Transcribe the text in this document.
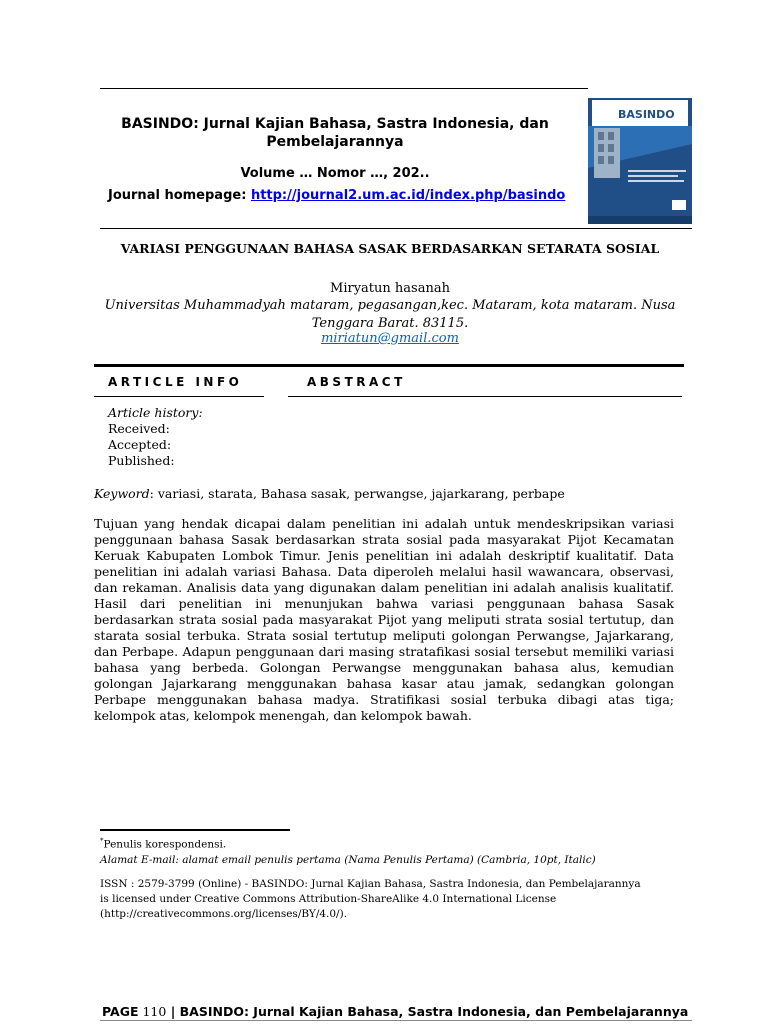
BASINDO: Jurnal Kajian Bahasa, Sastra Indonesia, dan
Pembelajarannya
Volume … Nomor …, 202..
Journal homepage: http://journal2.um.ac.id/index.php/basindo
BASINDO
VARIASI PENGGUNAAN BAHASA SASAK BERDASARKAN SETARATA SOSIAL
Miryatun hasanah
Universitas Muhammadyah mataram, pegasangan,kec. Mataram, kota mataram. Nusa
Tenggara Barat. 83115.
miriatun@gmail.com
ARTICLE INFO	ABSTRACT
Article history:
Received:
Accepted:
Published:
Keyword: variasi, starata, Bahasa sasak, perwangse, jajarkarang, perbape
Tujuan yang hendak dicapai dalam penelitian ini adalah untuk mendeskripsikan variasi penggunaan bahasa Sasak berdasarkan strata sosial pada masyarakat Pijot Kecamatan Keruak Kabupaten Lombok Timur. Jenis penelitian ini adalah deskriptif kualitatif. Data penelitian ini adalah variasi Bahasa. Data diperoleh melalui hasil wawancara, observasi, dan rekaman. Analisis data yang digunakan dalam penelitian ini adalah analisis kualitatif. Hasil dari penelitian ini menunjukan bahwa variasi penggunaan bahasa Sasak berdasarkan strata sosial pada masyarakat Pijot yang meliputi strata sosial tertutup, dan starata sosial terbuka. Strata sosial tertutup meliputi golongan Perwangse, Jajarkarang, dan Perbape. Adapun penggunaan dari masing stratafikasi sosial tersebut memiliki variasi bahasa yang berbeda. Golongan Perwangse menggunakan bahasa alus, kemudian golongan Jajarkarang menggunakan bahasa kasar atau jamak, sedangkan golongan Perbape menggunakan bahasa madya. Stratifikasi sosial terbuka dibagi atas tiga; kelompok atas, kelompok menengah, dan kelompok bawah.
*Penulis korespondensi.
Alamat E-mail: alamat email penulis pertama (Nama Penulis Pertama) (Cambria, 10pt, Italic)
ISSN : 2579-3799 (Online) - BASINDO: Jurnal Kajian Bahasa, Sastra Indonesia, dan Pembelajarannya
is licensed under Creative Commons Attribution-ShareAlike 4.0 International License
(http://creativecommons.org/licenses/BY/4.0/).
PAGE 110 | BASINDO: Jurnal Kajian Bahasa, Sastra Indonesia, dan Pembelajarannya
